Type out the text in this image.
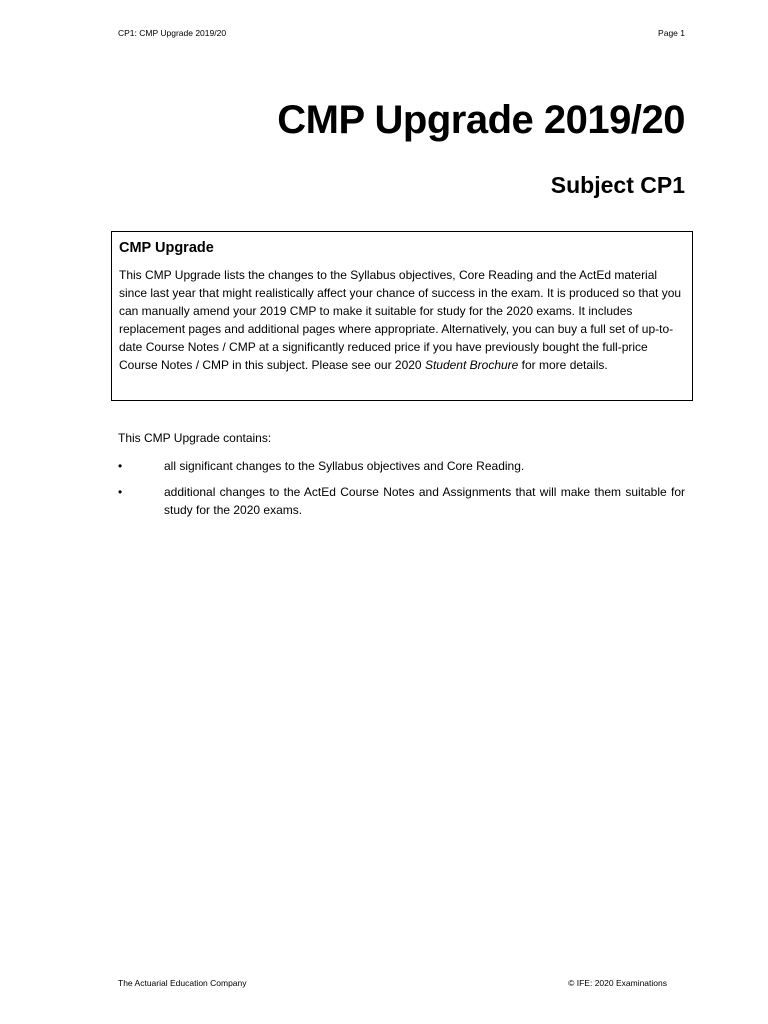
CP1: CMP Upgrade 2019/20	Page 1
CMP Upgrade 2019/20
Subject CP1

CMP Upgrade

This CMP Upgrade lists the changes to the Syllabus objectives, Core Reading and the ActEd material since last year that might realistically affect your chance of success in the exam. It is produced so that you can manually amend your 2019 CMP to make it suitable for study for the 2020 exams. It includes replacement pages and additional pages where appropriate. Alternatively, you can buy a full set of up-to-date Course Notes / CMP at a significantly reduced price if you have previously bought the full-price Course Notes / CMP in this subject. Please see our 2020 Student Brochure for more details.

This CMP Upgrade contains:

•	all significant changes to the Syllabus objectives and Core Reading.
•	additional changes to the ActEd Course Notes and Assignments that will make them suitable for study for the 2020 exams.
The Actuarial Education Company	© IFE: 2020 Examinations
